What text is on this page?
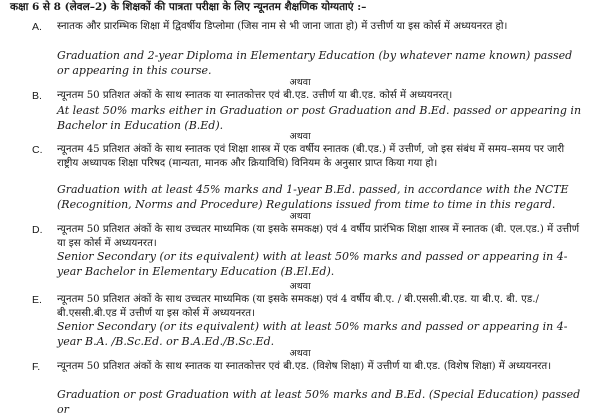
कक्षा 6 से 8 (लेवल–2) के शिक्षकों की पात्रता परीक्षा के लिए न्यूनतम शैक्षणिक योग्यताएं :–
A. स्नातक और प्रारम्भिक शिक्षा में द्विवर्षीय डिप्लोमा (जिस नाम से भी जाना जाता हो) में उत्तीर्ण या इस कोर्स में अध्ययनरत हो।
Graduation and 2-year Diploma in Elementary Education (by whatever name known) passed or appearing in this course.
अथवा
B. न्यूनतम 50 प्रतिशत अंकों के साथ स्नातक या स्नातकोत्तर एवं बी.एड. उत्तीर्ण या बी.एड. कोर्स में अध्ययनरत्।
At least 50% marks either in Graduation or post Graduation and B.Ed. passed or appearing in Bachelor in Education (B.Ed).
अथवा
C. न्यूनतम 45 प्रतिशत अंकों के साथ स्नातक एवं शिक्षा शास्त्र में एक वर्षीय स्नातक (बी.एड.) में उत्तीर्ण, जो इस संबंध में समय–समय पर जारी राष्ट्रीय अध्यापक शिक्षा परिषद (मान्यता, मानक और क्रियाविधि) विनियम के अनुसार प्राप्त किया गया हो।
Graduation with at least 45% marks and 1-year B.Ed. passed, in accordance with the NCTE (Recognition, Norms and Procedure) Regulations issued from time to time in this regard.
अथवा
D. न्यूनतम 50 प्रतिशत अंकों के साथ उच्चतर माध्यमिक (या इसके समकक्ष) एवं 4 वर्षीय प्रारंभिक शिक्षा शास्त्र में स्नातक (बी. एल.एड.) में उत्तीर्ण या इस कोर्स में अध्ययनरत।
Senior Secondary (or its equivalent) with at least 50% marks and passed or appearing in 4-year Bachelor in Elementary Education (B.El.Ed).
अथवा
E. न्यूनतम 50 प्रतिशत अंकों के साथ उच्चतर माध्यमिक (या इसके समकक्ष) एवं 4 वर्षीय बी.ए. / बी.एससी.बी.एड. या बी.ए. बी. एड./बी.एससी.बी.एड में उत्तीर्ण या इस कोर्स में अध्ययनरत।
Senior Secondary (or its equivalent) with at least 50% marks and passed or appearing in 4-year B.A. /B.Sc.Ed. or B.A.Ed./B.Sc.Ed.
अथवा
F. न्यूनतम 50 प्रतिशत अंकों के साथ स्नातक या स्नातकोत्तर एवं बी.एड. (विशेष शिक्षा) में उत्तीर्ण या बी.एड. (विशेष शिक्षा) में अध्ययनरत।
Graduation or post Graduation with at least 50% marks and B.Ed. (Special Education) passed or
